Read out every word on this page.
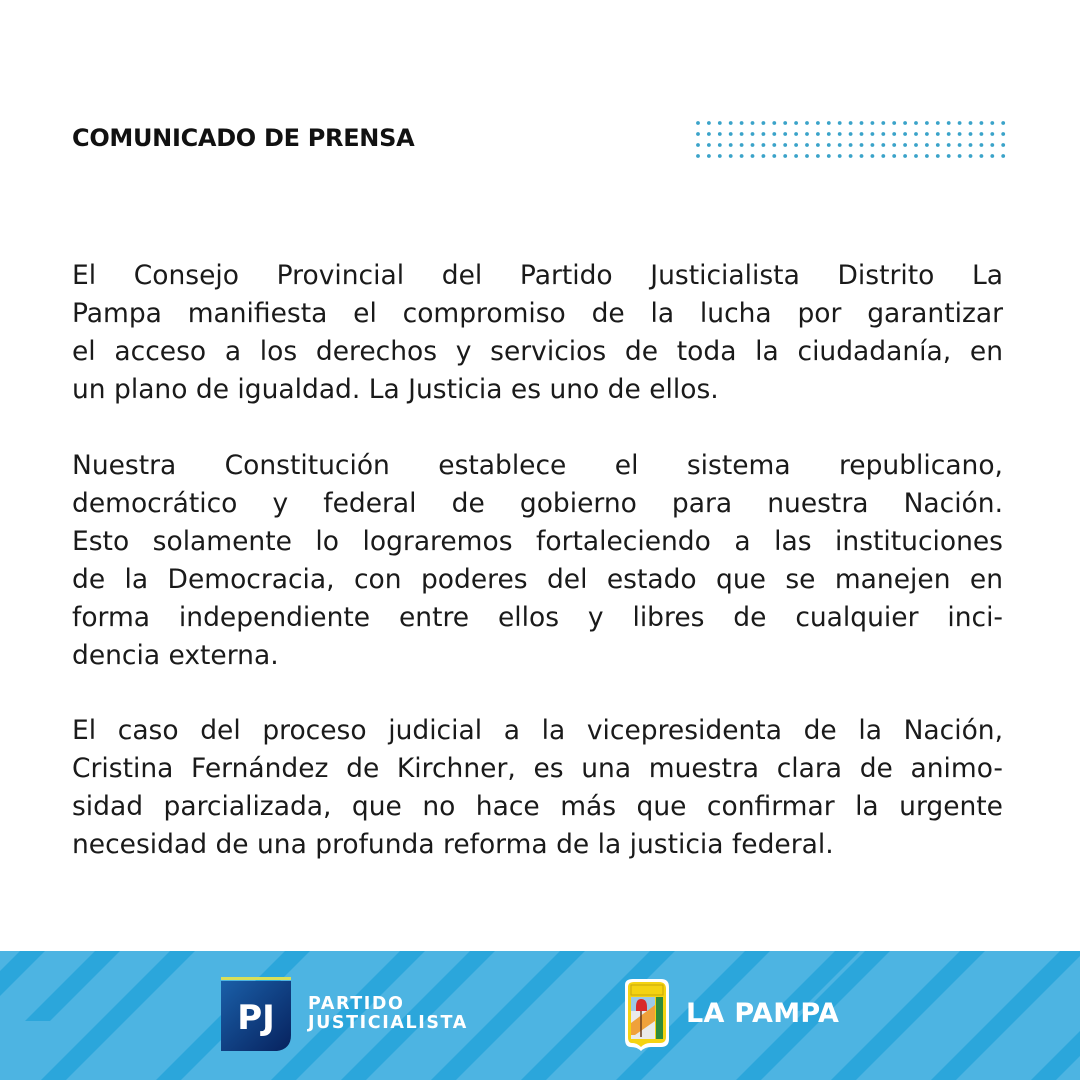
COMUNICADO DE PRENSA
El Consejo Provincial del Partido Justicialista Distrito La
Pampa manifiesta el compromiso de la lucha por garantizar
el acceso a los derechos y servicios de toda la ciudadanía, en
un plano de igualdad. La Justicia es uno de ellos.
Nuestra Constitución establece el sistema republicano,
democrático y federal de gobierno para nuestra Nación.
Esto solamente lo lograremos fortaleciendo a las instituciones
de la Democracia, con poderes del estado que se manejen en
forma independiente entre ellos y libres de cualquier inci-
dencia externa.
El caso del proceso judicial a la vicepresidenta de la Nación,
Cristina Fernández de Kirchner, es una muestra clara de animo-
sidad parcializada, que no hace más que confirmar la urgente
necesidad de una profunda reforma de la justicia federal.
PJ PARTIDO
JUSTICIALISTA	LA PAMPA
